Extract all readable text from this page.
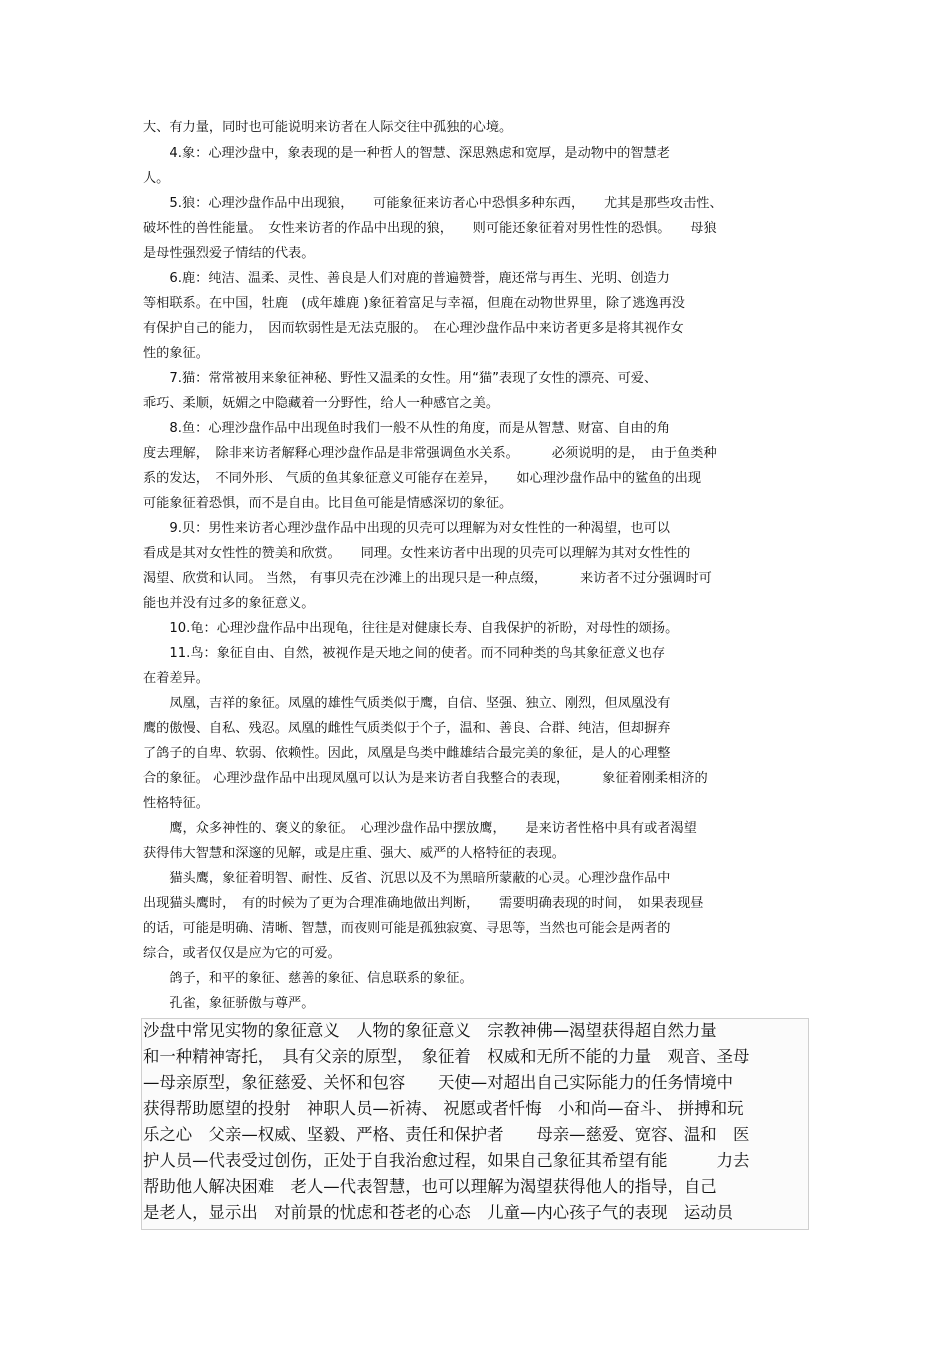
大、有力量，同时也可能说明来访者在人际交往中孤独的心境。
　　4.象：心理沙盘中，象表现的是一种哲人的智慧、深思熟虑和宽厚，是动物中的智慧老
人。
　　5.狼：心理沙盘作品中出现狼，　　可能象征来访者心中恐惧多种东西，　　尤其是那些攻击性、
破坏性的兽性能量。　女性来访者的作品中出现的狼，　　则可能还象征着对男性性的恐惧。　　母狼
是母性强烈爱子情结的代表。
　　6.鹿：纯洁、温柔、灵性、善良是人们对鹿的普遍赞誉，鹿还常与再生、光明、创造力
等相联系。在中国，牡鹿　(成年雄鹿 )象征着富足与幸福，但鹿在动物世界里，除了逃逸再没
有保护自己的能力，　因而软弱性是无法克服的。　在心理沙盘作品中来访者更多是将其视作女
性的象征。
　　7.猫：常常被用来象征神秘、野性又温柔的女性。用“猫”表现了女性的漂亮、可爱、
乖巧、柔顺，妩媚之中隐藏着一分野性，给人一种感官之美。
　　8.鱼：心理沙盘作品中出现鱼时我们一般不从性的角度，而是从智慧、财富、自由的角
度去理解，　除非来访者解释心理沙盘作品是非常强调鱼水关系。　　　必须说明的是，　由于鱼类种
系的发达，　不同外形、 气质的鱼其象征意义可能存在差异，　　如心理沙盘作品中的鲨鱼的出现
可能象征着恐惧，而不是自由。比目鱼可能是情感深切的象征。
　　9.贝：男性来访者心理沙盘作品中出现的贝壳可以理解为对女性性的一种渴望，也可以
看成是其对女性性的赞美和欣赏。　　同理。女性来访者中出现的贝壳可以理解为其对女性性的
渴望、欣赏和认同。 当然， 有事贝壳在沙滩上的出现只是一种点缀，　　　来访者不过分强调时可
能也并没有过多的象征意义。
　　10.龟：心理沙盘作品中出现龟，往往是对健康长寿、自我保护的祈盼，对母性的颂扬。
　　11.鸟：象征自由、自然，被视作是天地之间的使者。而不同种类的鸟其象征意义也存
在着差异。
　　凤凰，吉祥的象征。凤凰的雄性气质类似于鹰，自信、坚强、独立、刚烈，但凤凰没有
鹰的傲慢、自私、残忍。凤凰的雌性气质类似于个子，温和、善良、合群、纯洁，但却摒弃
了鸽子的自卑、软弱、依赖性。因此，凤凰是鸟类中雌雄结合最完美的象征，是人的心理整
合的象征。 心理沙盘作品中出现凤凰可以认为是来访者自我整合的表现，　　　象征着刚柔相济的
性格特征。
　　鹰，众多神性的、褒义的象征。　心理沙盘作品中摆放鹰，　　是来访者性格中具有或者渴望
获得伟大智慧和深邃的见解，或是庄重、强大、威严的人格特征的表现。
　　猫头鹰，象征着明智、耐性、反省、沉思以及不为黑暗所蒙蔽的心灵。心理沙盘作品中
出现猫头鹰时，　有的时候为了更为合理准确地做出判断，　　需要明确表现的时间，　如果表现昼
的话，可能是明确、清晰、智慧，而夜则可能是孤独寂寞、寻思等，当然也可能会是两者的
综合，或者仅仅是应为它的可爱。
　　鸽子，和平的象征、慈善的象征、信息联系的象征。
　　孔雀，象征骄傲与尊严。
沙盘中常见实物的象征意义　人物的象征意义　宗教神佛—渴望获得超自然力量
和一种精神寄托，　具有父亲的原型，　象征着　权威和无所不能的力量　观音、圣母
—母亲原型，象征慈爱、关怀和包容　　天使—对超出自己实际能力的任务情境中
获得帮助愿望的投射　神职人员—祈祷、 祝愿或者忏悔　小和尚—奋斗、 拼搏和玩
乐之心　父亲—权威、坚毅、严格、责任和保护者　　母亲—慈爱、宽容、温和　医
护人员—代表受过创伤，正处于自我治愈过程，如果自己象征其希望有能　　　力去
帮助他人解决困难　老人—代表智慧，也可以理解为渴望获得他人的指导，自己
是老人，显示出　对前景的忧虑和苍老的心态　儿童—内心孩子气的表现　运动员
